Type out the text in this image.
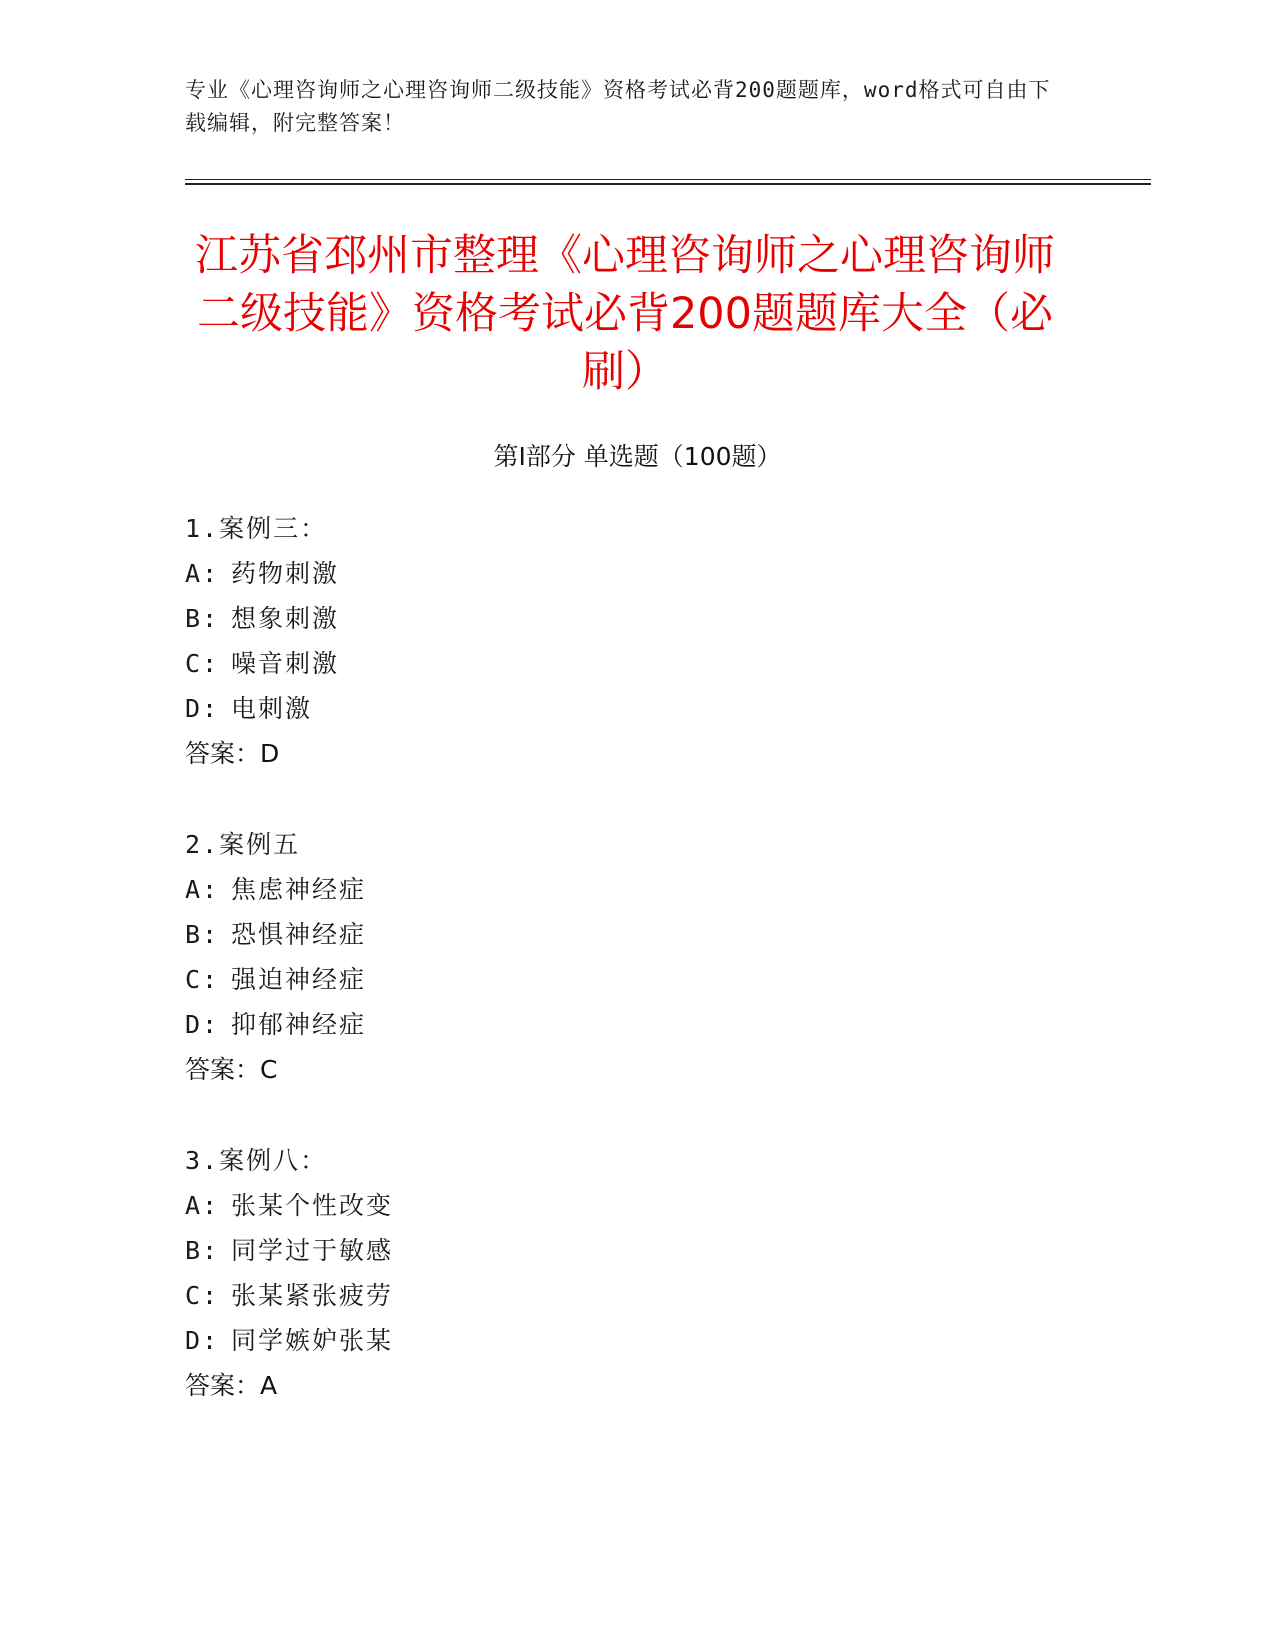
专业《心理咨询师之心理咨询师二级技能》资格考试必背200题题库，word格式可自由下载编辑，附完整答案！
江苏省邳州市整理《心理咨询师之心理咨询师二级技能》资格考试必背200题题库大全（必刷）
第Ⅰ部分 单选题（100题）
1.案例三：
A: 药物刺激
B: 想象刺激
C: 噪音刺激
D: 电刺激
答案：D
2.案例五
A: 焦虑神经症
B: 恐惧神经症
C: 强迫神经症
D: 抑郁神经症
答案：C
3.案例八：
A: 张某个性改变
B: 同学过于敏感
C: 张某紧张疲劳
D: 同学嫉妒张某
答案：A
